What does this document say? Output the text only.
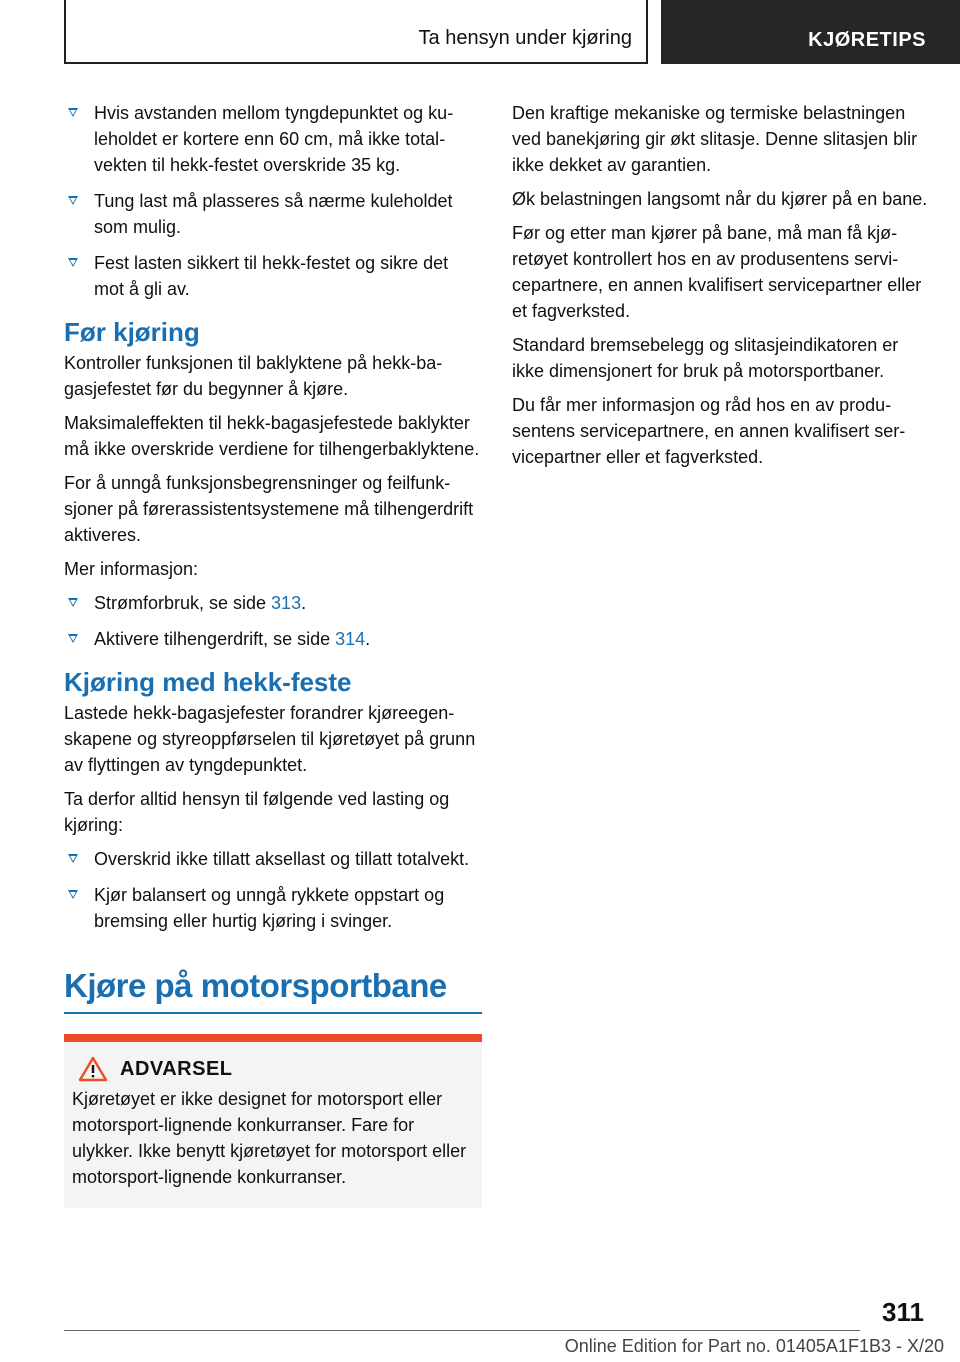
Ta hensyn under kjøring	KJØRETIPS
Hvis avstanden mellom tyngdepunktet og kuleholdet er kortere enn 60 cm, må ikke totalvekten til hekk-festet overskride 35 kg.
Tung last må plasseres så nærme kuleholdet som mulig.
Fest lasten sikkert til hekk-festet og sikre det mot å gli av.
Før kjøring

Kontroller funksjonen til baklyktene på hekk-bagasjefestet før du begynner å kjøre.

Maksimaleffekten til hekk-bagasjefestede baklykter må ikke overskride verdiene for tilhengerbaklyktene.

For å unngå funksjonsbegrensninger og feilfunksjoner på førerassistentsystemene må tilhengerdrift aktiveres.

Mer informasjon:

Strømforbruk, se side 313.
Aktivere tilhengerdrift, se side 314.
Kjøring med hekk-feste

Lastede hekk-bagasjefester forandrer kjøreegenskapene og styreoppførselen til kjøretøyet på grunn av flyttingen av tyngdepunktet.

Ta derfor alltid hensyn til følgende ved lasting og kjøring:

Overskrid ikke tillatt aksellast og tillatt totalvekt.
Kjør balansert og unngå rykkete oppstart og bremsing eller hurtig kjøring i svinger.
Kjøre på motorsportbane
ADVARSEL

Kjøretøyet er ikke designet for motorsport eller motorsport-lignende konkurranser. Fare for ulykker. Ikke benytt kjøretøyet for motorsport eller motorsport-lignende konkurranser.

Den kraftige mekaniske og termiske belastningen ved banekjøring gir økt slitasje. Denne slitasjen blir ikke dekket av garantien.

Øk belastningen langsomt når du kjører på en bane.

Før og etter man kjører på bane, må man få kjøretøyet kontrollert hos en av produsentens servicepartnere, en annen kvalifisert servicepartner eller et fagverksted.

Standard bremsebelegg og slitasjeindikatoren er ikke dimensjonert for bruk på motorsportbaner.

Du får mer informasjon og råd hos en av produsentens servicepartnere, en annen kvalifisert servicepartner eller et fagverksted.

311
Online Edition for Part no. 01405A1F1B3 - X/20
